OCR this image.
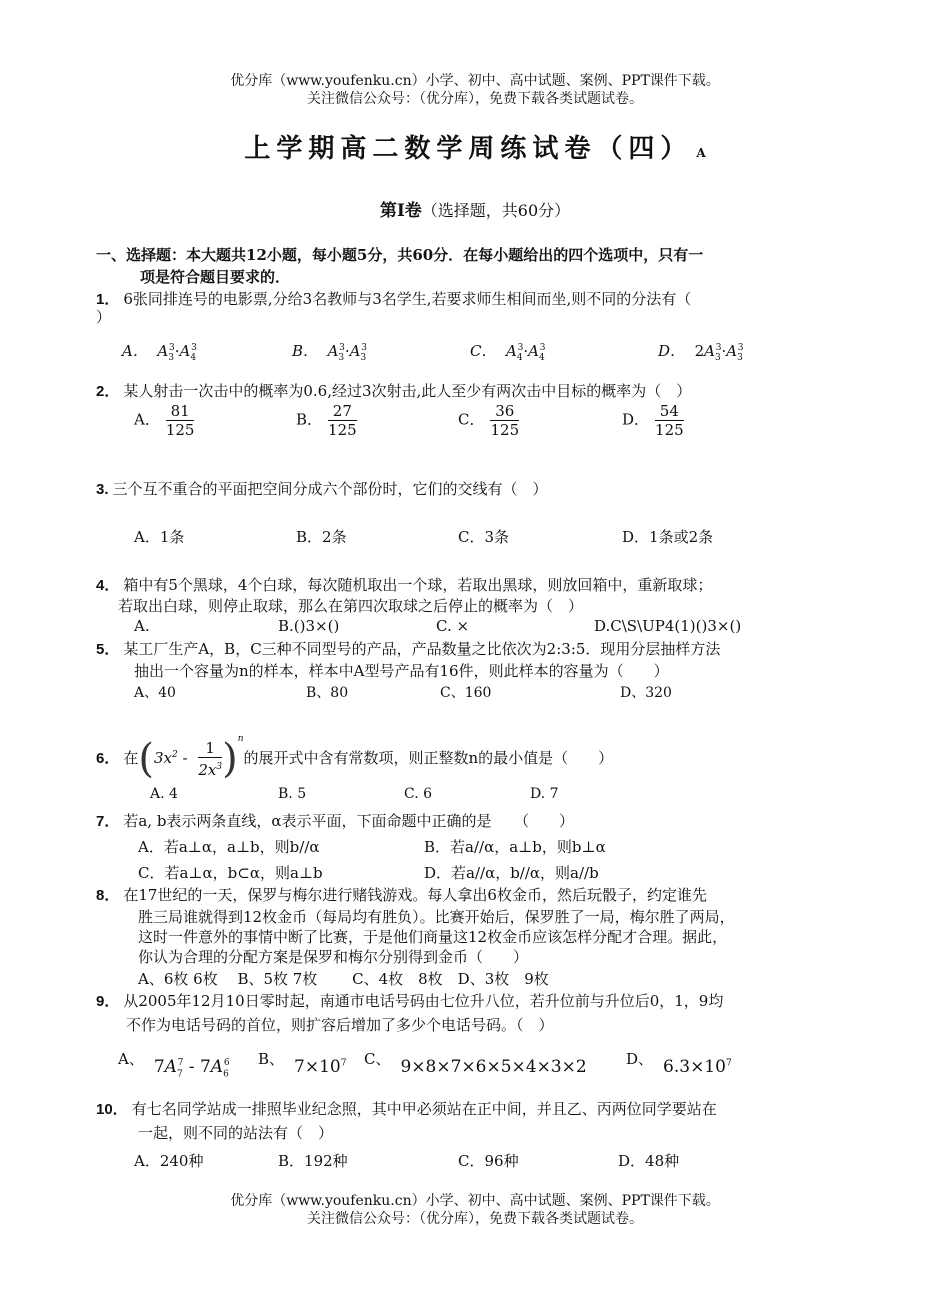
优分库（www.youfenku.cn）小学、初中、高中试题、案例、PPT课件下载。
关注微信公众号：（优分库），免费下载各类试题试卷。
上学期高二数学周练试卷（四） A
第Ⅰ卷（选择题，共60分）
一、选择题：本大题共12小题，每小题5分，共60分．在每小题给出的四个选项中，只有一
项是符合题目要求的．
1． 6张同排连号的电影票,分给3名教师与3名学生,若要求师生相间而坐,则不同的分法有（
）
A． $A_3^3\cdot A_4^3$	B． $A_3^3\cdot A_3^3$	C． $A_4^3\cdot A_4^3$	D．  $2A_3^3\cdot A_3^3$
2． 某人射击一次击中的概率为0.6,经过3次射击,此人至少有两次击中目标的概率为（　）
A． $\frac{81}{125}$	B． $\frac{27}{125}$	C． $\frac{36}{125}$	D． $\frac{54}{125}$
3. 三个互不重合的平面把空间分成六个部份时，它们的交线有（　）
A．1条	B．2条	C．3条	D．1条或2条
4． 箱中有5个黑球，4个白球，每次随机取出一个球，若取出黑球，则放回箱中，重新取球；
若取出白球，则停止取球，那么在第四次取球之后停止的概率为（　）
A.	B.()3×()	C. ×	D.C\S\UP4(1)()3×()
5． 某工厂生产A，B，C三种不同型号的产品，产品数量之比依次为2:3:5．现用分层抽样方法
抽出一个容量为n的样本，样本中A型号产品有16件，则此样本的容量为（　　）
A、40	B、80	C、160	D、320
6． 在$(3x^2 - \frac{1}{2x^3} )^n$的展开式中含有常数项，则正整数n的最小值是（　　）
A. 4	B. 5	C. 6	D. 7
7． 若a, b表示两条直线，α表示平面，下面命题中正确的是　　（　　）
A．若a⊥α，a⊥b，则b//α	B．若a//α，a⊥b，则b⊥α
C．若a⊥α，b⊂α，则a⊥b	D．若a//α，b//α，则a//b
8． 在17世纪的一天，保罗与梅尔进行赌钱游戏。每人拿出6枚金币，然后玩骰子，约定谁先
胜三局谁就得到12枚金币（每局均有胜负）。比赛开始后，保罗胜了一局，梅尔胜了两局，
这时一件意外的事情中断了比赛，于是他们商量这12枚金币应该怎样分配才合理。据此，
你认为合理的分配方案是保罗和梅尔分别得到金币（　　）
A、6枚 6枚　 B、5枚 7枚　　 C、4枚　8枚　D、3枚　9枚
9． 从2005年12月10日零时起，南通市电话号码由七位升八位，若升位前与升位后0，1，9均
不作为电话号码的首位，则扩容后增加了多少个电话号码。（　）
A、 $7A_7^7 - 7A_6^6$ B、 $7\times 10^7$ C、 9×8×7×6×5×4×3×2	D、 $6.3\times 10^7$
10． 有七名同学站成一排照毕业纪念照，其中甲必须站在正中间，并且乙、丙两位同学要站在
一起，则不同的站法有（　）
A．240种	B．192种	C．96种	D．48种
优分库（www.youfenku.cn）小学、初中、高中试题、案例、PPT课件下载。
关注微信公众号：（优分库），免费下载各类试题试卷。
